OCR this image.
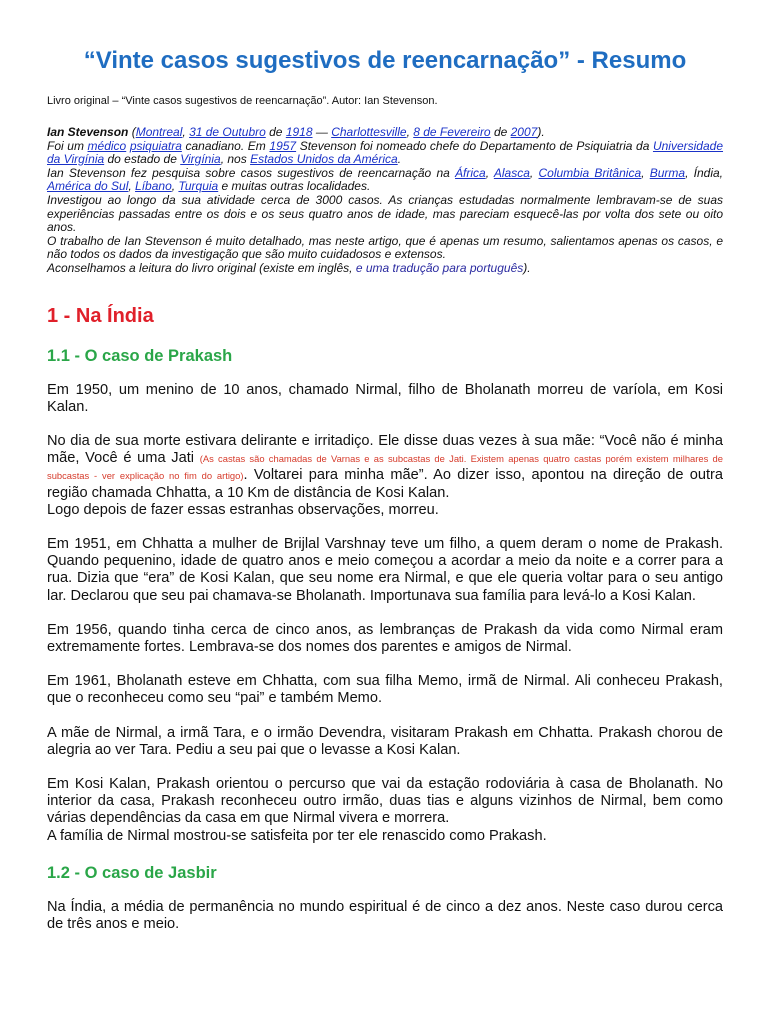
“Vinte casos sugestivos de reencarnação” - Resumo

Livro original – “Vinte casos sugestivos de reencarnação”. Autor: Ian Stevenson.

Ian Stevenson (Montreal, 31 de Outubro de 1918 — Charlottesville, 8 de Fevereiro de 2007).
Foi um médico psiquiatra canadiano. Em 1957 Stevenson foi nomeado chefe do Departamento de Psiquiatria da Universidade da Virgínia do estado de Virgínia, nos Estados Unidos da América.
Ian Stevenson fez pesquisa sobre casos sugestivos de reencarnação na África, Alasca, Columbia Britânica, Burma, Índia, América do Sul, Líbano, Turquia e muitas outras localidades.

Investigou ao longo da sua atividade cerca de 3000 casos. As crianças estudadas normalmente lembravam-se de suas experiências passadas entre os dois e os seus quatro anos de idade, mas pareciam esquecê-las por volta dos sete ou oito anos.

O trabalho de Ian Stevenson é muito detalhado, mas neste artigo, que é apenas um resumo, salientamos apenas os casos, e não todos os dados da investigação que são muito cuidadosos e extensos.

Aconselhamos a leitura do livro original (existe em inglês, e uma tradução para português).

1 - Na Índia
1.1 - O caso de Prakash

Em 1950, um menino de 10 anos, chamado Nirmal, filho de Bholanath morreu de varíola, em Kosi Kalan.

No dia de sua morte estivara delirante e irritadiço. Ele disse duas vezes à sua mãe: “Você não é minha mãe, Você é uma Jati (As castas são chamadas de Varnas e as subcastas de Jati. Existem apenas quatro castas porém existem milhares de subcastas - ver explicação no fim do artigo). Voltarei para minha mãe”. Ao dizer isso, apontou na direção de outra região chamada Chhatta, a 10 Km de distância de Kosi Kalan.
Logo depois de fazer essas estranhas observações, morreu.

Em 1951, em Chhatta a mulher de Brijlal Varshnay teve um filho, a quem deram o nome de Prakash. Quando pequenino, idade de quatro anos e meio começou a acordar a meio da noite e a correr para a rua. Dizia que “era” de Kosi Kalan, que seu nome era Nirmal, e que ele queria voltar para o seu antigo lar. Declarou que seu pai chamava-se Bholanath. Importunava sua família para levá-lo a Kosi Kalan.

Em 1956, quando tinha cerca de cinco anos, as lembranças de Prakash da vida como Nirmal eram extremamente fortes. Lembrava-se dos nomes dos parentes e amigos de Nirmal.

Em 1961, Bholanath esteve em Chhatta, com sua filha Memo, irmã de Nirmal. Ali conheceu Prakash, que o reconheceu como seu “pai” e também Memo.

A mãe de Nirmal, a irmã Tara, e o irmão Devendra, visitaram Prakash em Chhatta. Prakash chorou de alegria ao ver Tara. Pediu a seu pai que o levasse a Kosi Kalan.

Em Kosi Kalan, Prakash orientou o percurso que vai da estação rodoviária à casa de Bholanath. No interior da casa, Prakash reconheceu outro irmão, duas tias e alguns vizinhos de Nirmal, bem como várias dependências da casa em que Nirmal vivera e morrera.

A família de Nirmal mostrou-se satisfeita por ter ele renascido como Prakash.

1.2 - O caso de Jasbir

Na Índia, a média de permanência no mundo espiritual é de cinco a dez anos. Neste caso durou cerca de três anos e meio.
